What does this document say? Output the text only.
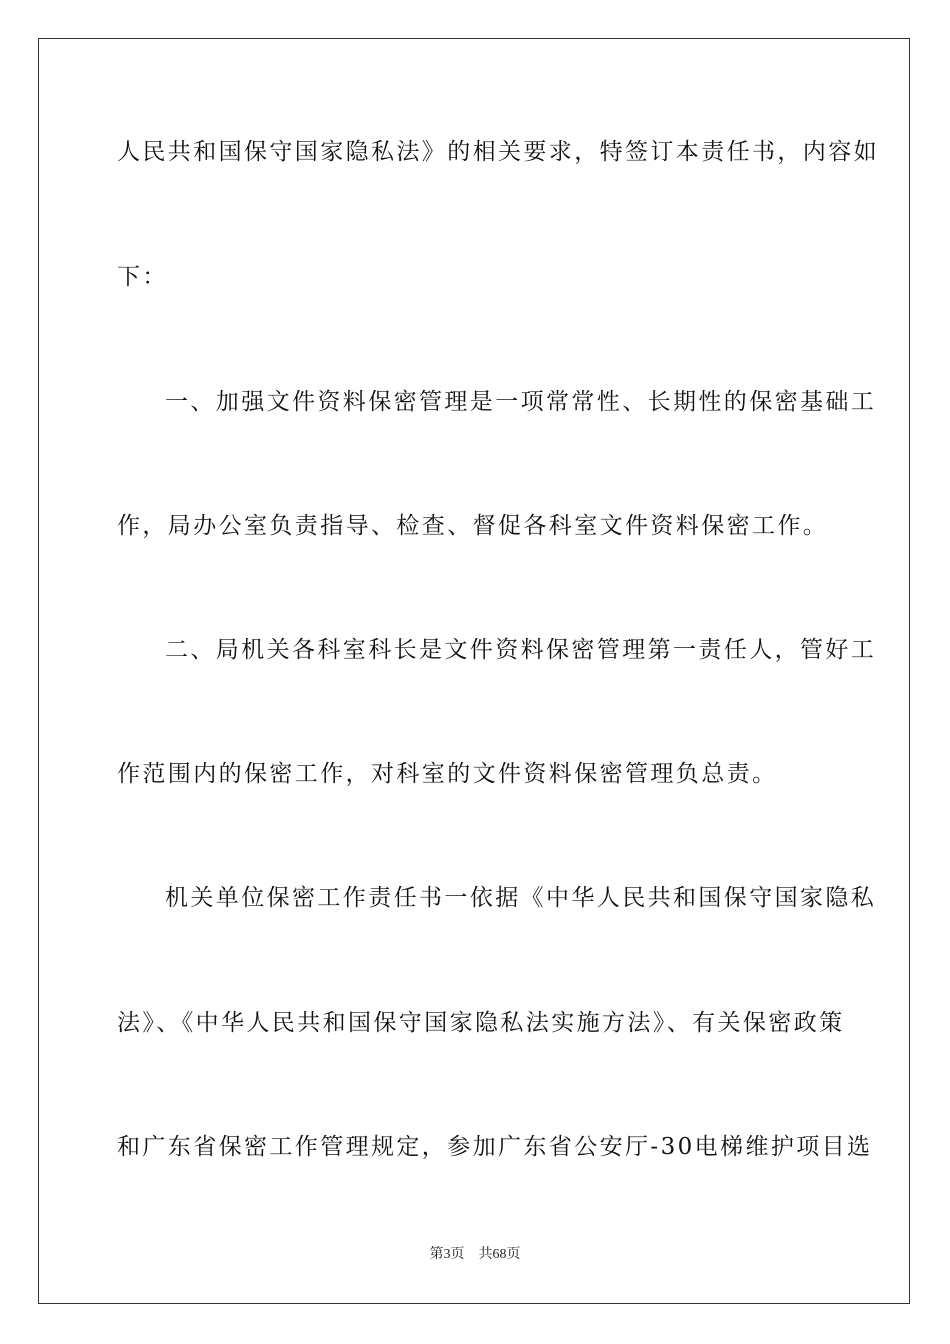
人民共和国保守国家隐私法》的相关要求，特签订本责任书，内容如
下：
一、加强文件资料保密管理是一项常常性、长期性的保密基础工
作，局办公室负责指导、检查、督促各科室文件资料保密工作。
二、局机关各科室科长是文件资料保密管理第一责任人，管好工
作范围内的保密工作，对科室的文件资料保密管理负总责。
机关单位保密工作责任书一依据《中华人民共和国保守国家隐私
法》、《中华人民共和国保守国家隐私法实施方法》、有关保密政策
和广东省保密工作管理规定，参加广东省公安厅-30电梯维护项目选
第3页 共68页
